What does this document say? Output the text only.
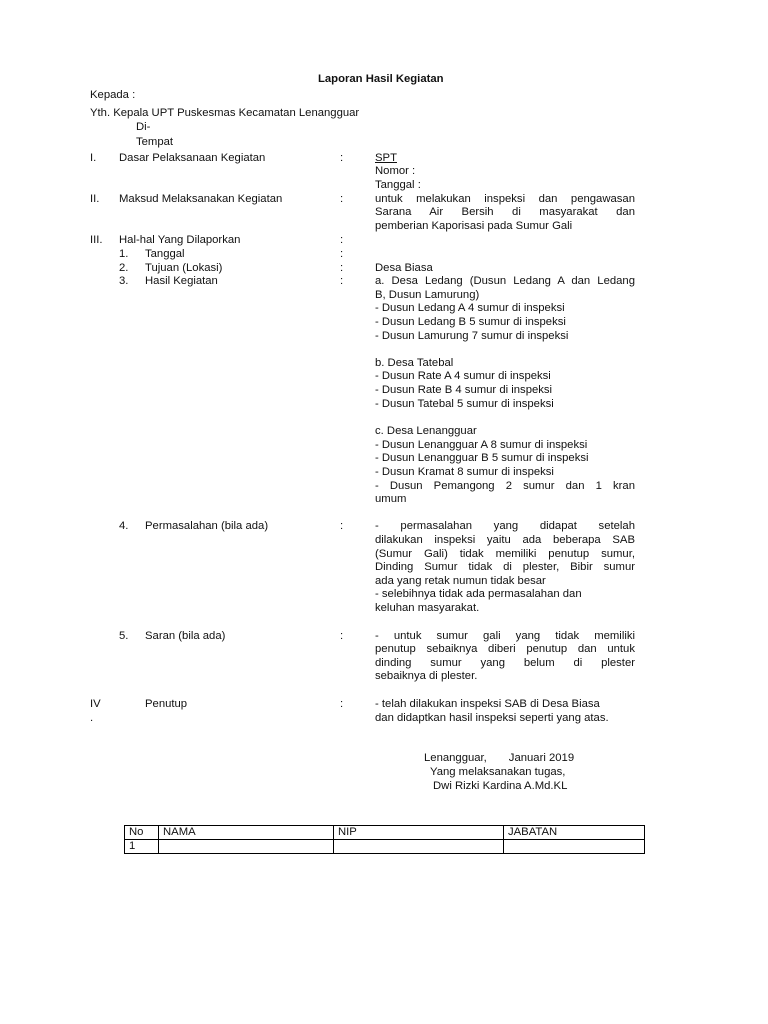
Laporan Hasil Kegiatan
Kepada :
Yth. Kepala UPT Puskesmas Kecamatan Lenangguar
Di-
Tempat
I. Dasar Pelaksanaan Kegiatan	:	SPT
Nomor :
Tanggal :
II. Maksud Melaksanakan Kegiatan	:	untuk melakukan inspeksi dan pengawasan
Sarana Air Bersih di masyarakat dan
pemberian Kaporisasi pada Sumur Gali
III. Hal-hal Yang Dilaporkan	:
1. Tanggal	:
2. Tujuan (Lokasi)	:	Desa Biasa
3. Hasil Kegiatan	:	a. Desa Ledang (Dusun Ledang A dan Ledang
B, Dusun Lamurung)
- Dusun Ledang A 4 sumur di inspeksi
- Dusun Ledang B 5 sumur di inspeksi
- Dusun Lamurung 7 sumur di inspeksi
b. Desa Tatebal
- Dusun Rate A 4 sumur di inspeksi
- Dusun Rate B 4 sumur di inspeksi
- Dusun Tatebal 5 sumur di inspeksi
c. Desa Lenangguar
- Dusun Lenangguar A 8 sumur di inspeksi
- Dusun Lenangguar B 5 sumur di inspeksi
- Dusun Kramat 8 sumur di inspeksi
- Dusun Pemangong 2 sumur dan 1 kran
umum
4. Permasalahan (bila ada)	:	- permasalahan yang didapat setelah
dilakukan inspeksi yaitu ada beberapa SAB
(Sumur Gali) tidak memiliki penutup sumur,
Dinding Sumur tidak di plester, Bibir sumur
ada yang retak numun tidak besar
- selebihnya tidak ada permasalahan dan
keluhan masyarakat.
5. Saran (bila ada)	:	- untuk sumur gali yang tidak memiliki
penutup sebaiknya diberi penutup dan untuk
dinding sumur yang belum di plester
sebaiknya di plester.
IV
.
Penutup	:	- telah dilakukan inspeksi SAB di Desa Biasa
dan didaptkan hasil inspeksi seperti yang atas.
Lenangguar,       Januari 2019
Yang melaksanakan tugas,
Dwi Rizki Kardina A.Md.KL
No	NAMA	NIP	JABATAN
1			
